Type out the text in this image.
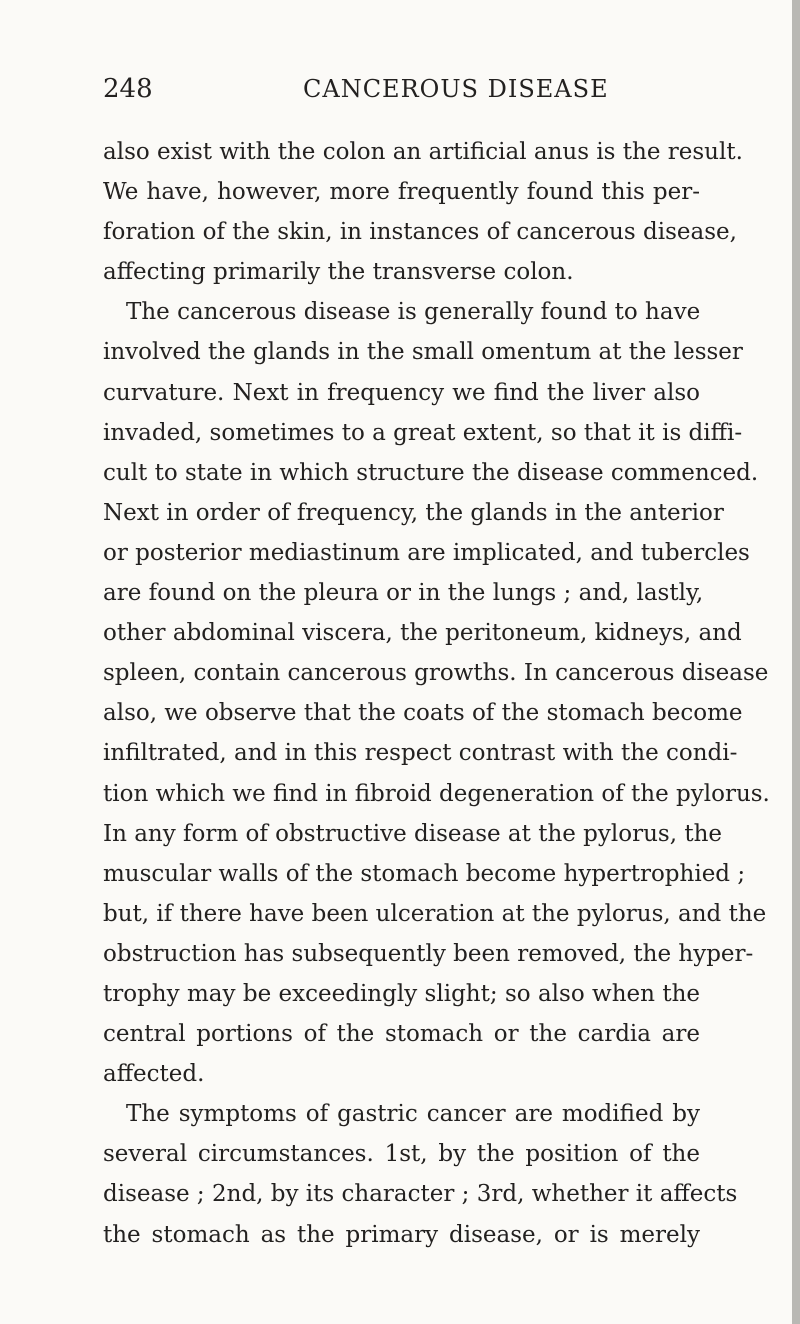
248	CANCEROUS DISEASE
also exist with the colon an artificial anus is the result.
We have, however, more frequently found this per-
foration of the skin, in instances of cancerous disease,
affecting primarily the transverse colon.
The cancerous disease is generally found to have
involved the glands in the small omentum at the lesser
curvature. Next in frequency we find the liver also
invaded, sometimes to a great extent, so that it is diffi-
cult to state in which structure the disease commenced.
Next in order of frequency, the glands in the anterior
or posterior mediastinum are implicated, and tubercles
are found on the pleura or in the lungs ; and, lastly,
other abdominal viscera, the peritoneum, kidneys, and
spleen, contain cancerous growths. In cancerous disease
also, we observe that the coats of the stomach become
infiltrated, and in this respect contrast with the condi-
tion which we find in fibroid degeneration of the pylorus.
In any form of obstructive disease at the pylorus, the
muscular walls of the stomach become hypertrophied ;
but, if there have been ulceration at the pylorus, and the
obstruction has subsequently been removed, the hyper-
trophy may be exceedingly slight; so also when the
central portions of the stomach or the cardia are
affected.
The symptoms of gastric cancer are modified by
several circumstances. 1st, by the position of the
disease ; 2nd, by its character ; 3rd, whether it affects
the stomach as the primary disease, or is merely
